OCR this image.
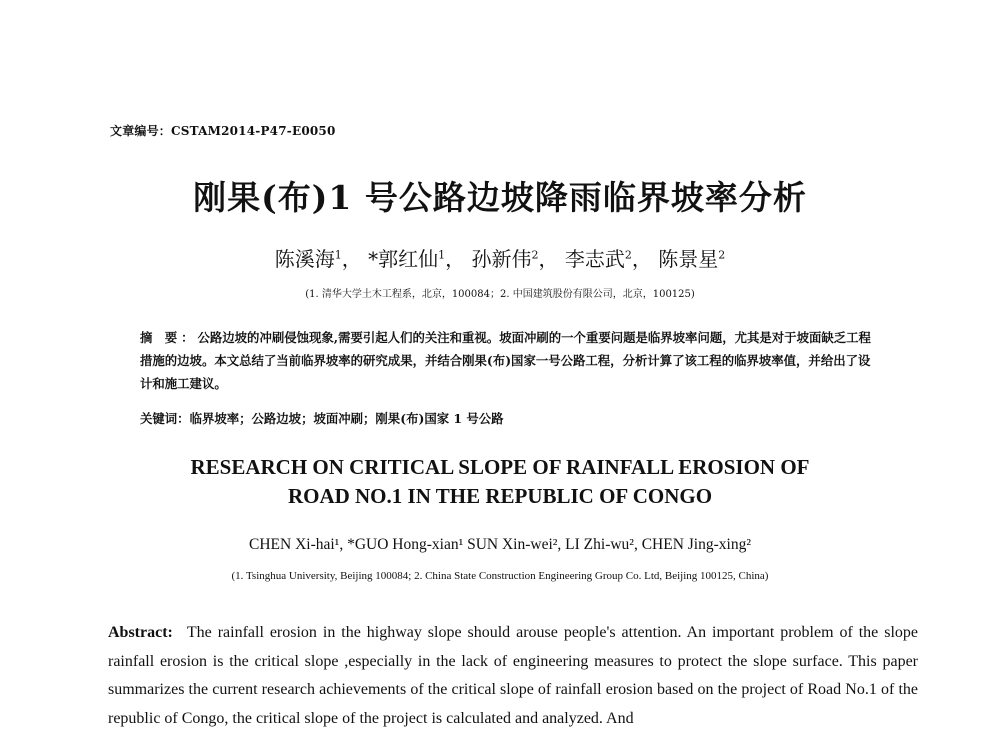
文章编号：CSTAM2014-P47-E0050
刚果(布)1 号公路边坡降雨临界坡率分析
陈溪海$^1$， *郭红仙$^1$， 孙新伟$^2$， 李志武$^2$， 陈景星$^2$
(1. 清华大学土木工程系，北京，100084；2. 中国建筑股份有限公司，北京，100125)
摘 要：公路边坡的冲刷侵蚀现象,需要引起人们的关注和重视。坡面冲刷的一个重要问题是临界坡率问题，尤其是对于坡面缺乏工程措施的边坡。本文总结了当前临界坡率的研究成果，并结合刚果(布)国家一号公路工程，分析计算了该工程的临界坡率值，并给出了设计和施工建议。
关键词：临界坡率；公路边坡；坡面冲刷；刚果(布)国家 1 号公路
RESEARCH ON CRITICAL SLOPE OF RAINFALL EROSION OF
ROAD NO.1 IN THE REPUBLIC OF CONGO
CHEN Xi-hai¹, *GUO Hong-xian¹ SUN Xin-wei², LI Zhi-wu², CHEN Jing-xing²
(1. Tsinghua University, Beijing 100084; 2. China State Construction Engineering Group Co. Ltd, Beijing 100125, China)
Abstract: The rainfall erosion in the highway slope should arouse people's attention. An important problem of the slope rainfall erosion is the critical slope ,especially in the lack of engineering measures to protect the slope surface. This paper summarizes the current research achievements of the critical slope of rainfall erosion based on the project of Road No.1 of the republic of Congo, the critical slope of the project is calculated and analyzed. And
